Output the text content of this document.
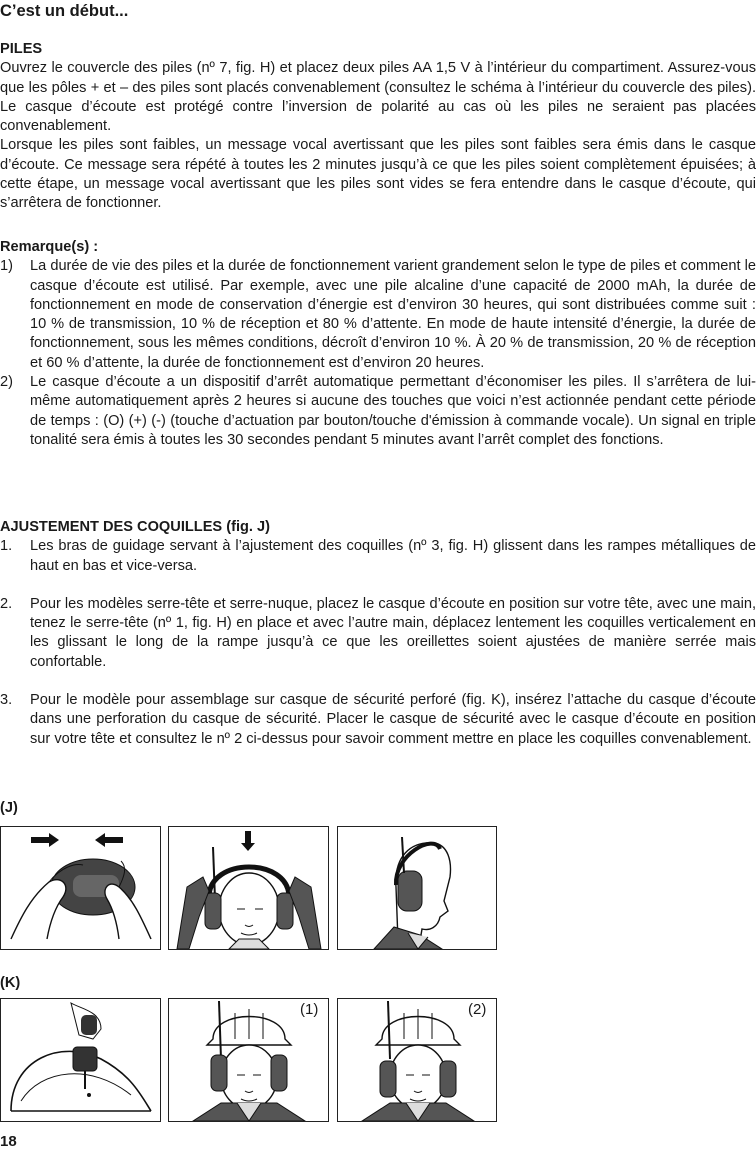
C’est un début...

PILES

Ouvrez le couvercle des piles (nº 7, fig. H) et placez deux piles AA 1,5 V à l’intérieur du compartiment. Assurez-vous que les pôles + et – des piles sont placés convenablement (consultez le schéma à l’intérieur du couvercle des piles). Le casque d’écoute est protégé contre l’inversion de polarité au cas où les piles ne seraient pas placées convenablement.

Lorsque les piles sont faibles, un message vocal avertissant que les piles sont faibles sera émis dans le casque d’écoute. Ce message sera répété à toutes les 2 minutes jusqu’à ce que les piles soient complètement épuisées; à cette étape, un message vocal avertissant que les piles sont vides se fera entendre dans le casque d’écoute, qui s’arrêtera de fonctionner.

Remarque(s) :

1) La durée de vie des piles et la durée de fonctionnement varient grandement selon le type de piles et comment le casque d’écoute est utilisé. Par exemple, avec une pile alcaline d’une capacité de 2000 mAh, la durée de fonctionnement en mode de conservation d’énergie est d’environ 30 heures, qui sont distribuées comme suit : 10 % de transmission, 10 % de réception et 80 % d’attente. En mode de haute intensité d’énergie, la durée de fonctionnement, sous les mêmes conditions, décroît d’environ 10 %. À 20 % de transmission, 20 % de réception et 60 % d’attente, la durée de fonctionnement est d’environ 20 heures.
2) Le casque d’écoute a un dispositif d’arrêt automatique permettant d’économiser les piles. Il s’arrêtera de lui-même automatiquement après 2 heures si aucune des touches que voici n’est actionnée pendant cette période de temps : (O) (+) (-) (touche d’actuation par bouton/touche d'émission à commande vocale). Un signal en triple tonalité sera émis à toutes les 30 secondes pendant 5 minutes avant l’arrêt complet des fonctions.

AJUSTEMENT DES COQUILLES (fig. J)

1. Les bras de guidage servant à l’ajustement des coquilles (nº 3, fig. H) glissent dans les rampes métalliques de haut en bas et vice-versa.
2. Pour les modèles serre-tête et serre-nuque, placez le casque d’écoute en position sur votre tête, avec une main, tenez le serre-tête (nº 1, fig. H) en place et avec l’autre main, déplacez lentement les coquilles verticalement en les glissant le long de la rampe jusqu’à ce que les oreillettes soient ajustées de manière serrée mais confortable.
3. Pour le modèle pour assemblage sur casque de sécurité perforé (fig. K), insérez l’attache du casque d’écoute dans une perforation du casque de sécurité. Placer le casque de sécurité avec le casque d’écoute en position sur votre tête et consultez le nº 2 ci-dessus pour savoir comment mettre en place les coquilles convenablement.
(J)
(K)
(1)	(2)
18
